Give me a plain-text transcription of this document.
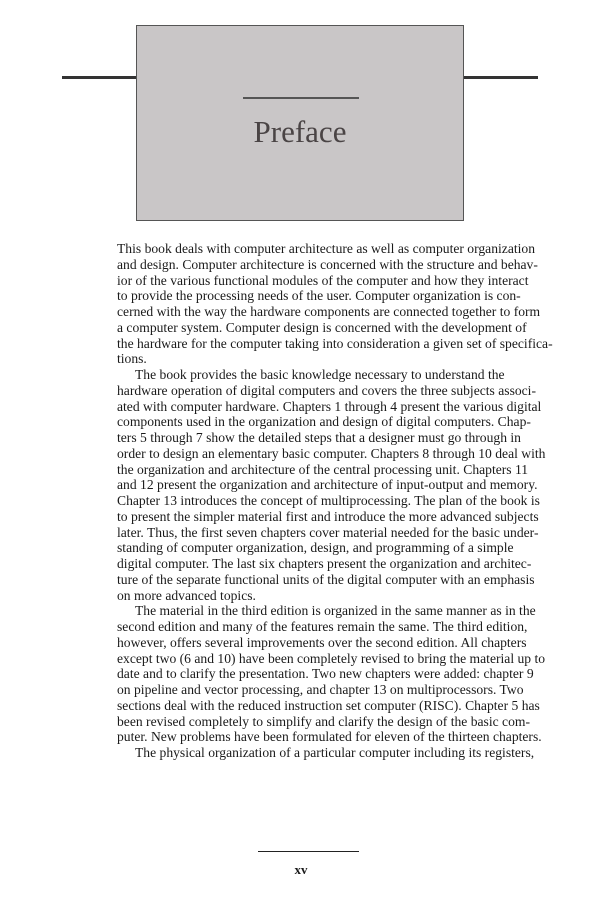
Preface
This book deals with computer architecture as well as computer organization
and design. Computer architecture is concerned with the structure and behav-
ior of the various functional modules of the computer and how they interact
to provide the processing needs of the user. Computer organization is con-
cerned with the way the hardware components are connected together to form
a computer system. Computer design is concerned with the development of
the hardware for the computer taking into consideration a given set of specifica-
tions.
The book provides the basic knowledge necessary to understand the
hardware operation of digital computers and covers the three subjects associ-
ated with computer hardware. Chapters 1 through 4 present the various digital
components used in the organization and design of digital computers. Chap-
ters 5 through 7 show the detailed steps that a designer must go through in
order to design an elementary basic computer. Chapters 8 through 10 deal with
the organization and architecture of the central processing unit. Chapters 11
and 12 present the organization and architecture of input-output and memory.
Chapter 13 introduces the concept of multiprocessing. The plan of the book is
to present the simpler material first and introduce the more advanced subjects
later. Thus, the first seven chapters cover material needed for the basic under-
standing of computer organization, design, and programming of a simple
digital computer. The last six chapters present the organization and architec-
ture of the separate functional units of the digital computer with an emphasis
on more advanced topics.
The material in the third edition is organized in the same manner as in the
second edition and many of the features remain the same. The third edition,
however, offers several improvements over the second edition. All chapters
except two (6 and 10) have been completely revised to bring the material up to
date and to clarify the presentation. Two new chapters were added: chapter 9
on pipeline and vector processing, and chapter 13 on multiprocessors. Two
sections deal with the reduced instruction set computer (RISC). Chapter 5 has
been revised completely to simplify and clarify the design of the basic com-
puter. New problems have been formulated for eleven of the thirteen chapters.
The physical organization of a particular computer including its registers,
xv
